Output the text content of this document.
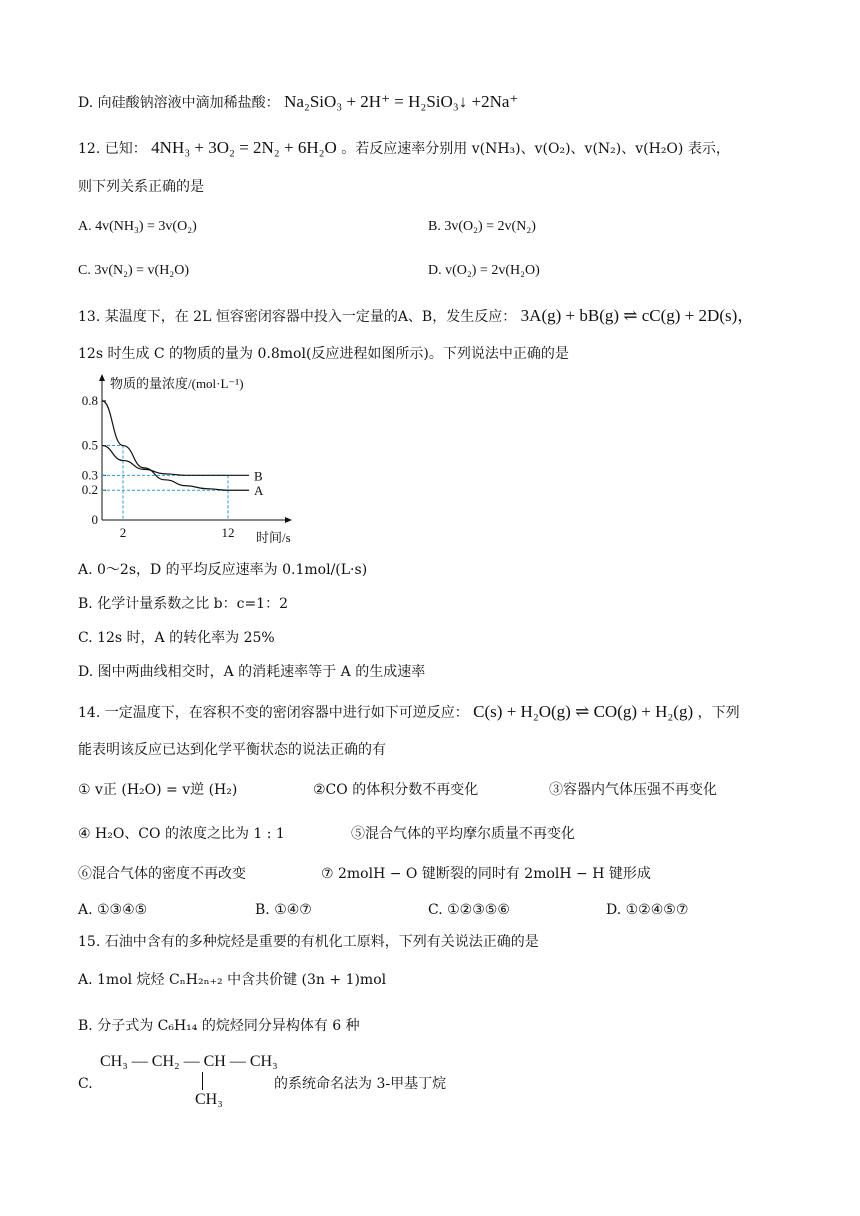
D. 向硅酸钠溶液中滴加稀盐酸： Na₂SiO₃ + 2H⁺ = H₂SiO₃↓ +2Na⁺
12. 已知： 4NH₃ + 3O₂ = 2N₂ + 6H₂O 。若反应速率分别用 v(NH₃)、v(O₂)、v(N₂)、v(H₂O) 表示，
则下列关系正确的是
A. 4v(NH₃) = 3v(O₂)	B. 3v(O₂) = 2v(N₂)
C. 3v(N₂) = v(H₂O)	D. v(O₂) = 2v(H₂O)
13. 某温度下，在 2L 恒容密闭容器中投入一定量的A、B，发生反应： 3A(g) + bB(g) ⇌ cC(g) + 2D(s)，
12s 时生成 C 的物质的量为 0.8mol(反应进程如图所示)。下列说法中正确的是
物质的量浓度/(mol·L⁻¹)
时间/s
0.8
0.5
0.3
0.2
0
2	12
A
B
A. 0～2s，D 的平均反应速率为 0.1mol/(L·s)
B. 化学计量系数之比 b：c=1：2
C. 12s 时，A 的转化率为 25%
D. 图中两曲线相交时，A 的消耗速率等于 A 的生成速率
14. 一定温度下，在容积不变的密闭容器中进行如下可逆反应： C(s) + H₂O(g) ⇌ CO(g) + H₂(g) ，下列
能表明该反应已达到化学平衡状态的说法正确的有
① v正 (H₂O) = v逆 (H₂)	②CO 的体积分数不再变化	③容器内气体压强不再变化
④ H₂O、CO 的浓度之比为 1 : 1	⑤混合气体的平均摩尔质量不再变化
⑥混合气体的密度不再改变	⑦ 2molH − O 键断裂的同时有 2molH − H 键形成
A. ①③④⑤	B. ①④⑦	C. ①②③⑤⑥	D. ①②④⑤⑦
15. 石油中含有的多种烷烃是重要的有机化工原料，下列有关说法正确的是
A. 1mol 烷烃 CₙH₂ₙ₊₂ 中含共价键 (3n + 1)mol
B. 分子式为 C₆H₁₄ 的烷烃同分异构体有 6 种
C.
CH₃ — CH₂ — CH — CH₃
CH₃
的系统命名法为 3-甲基丁烷
